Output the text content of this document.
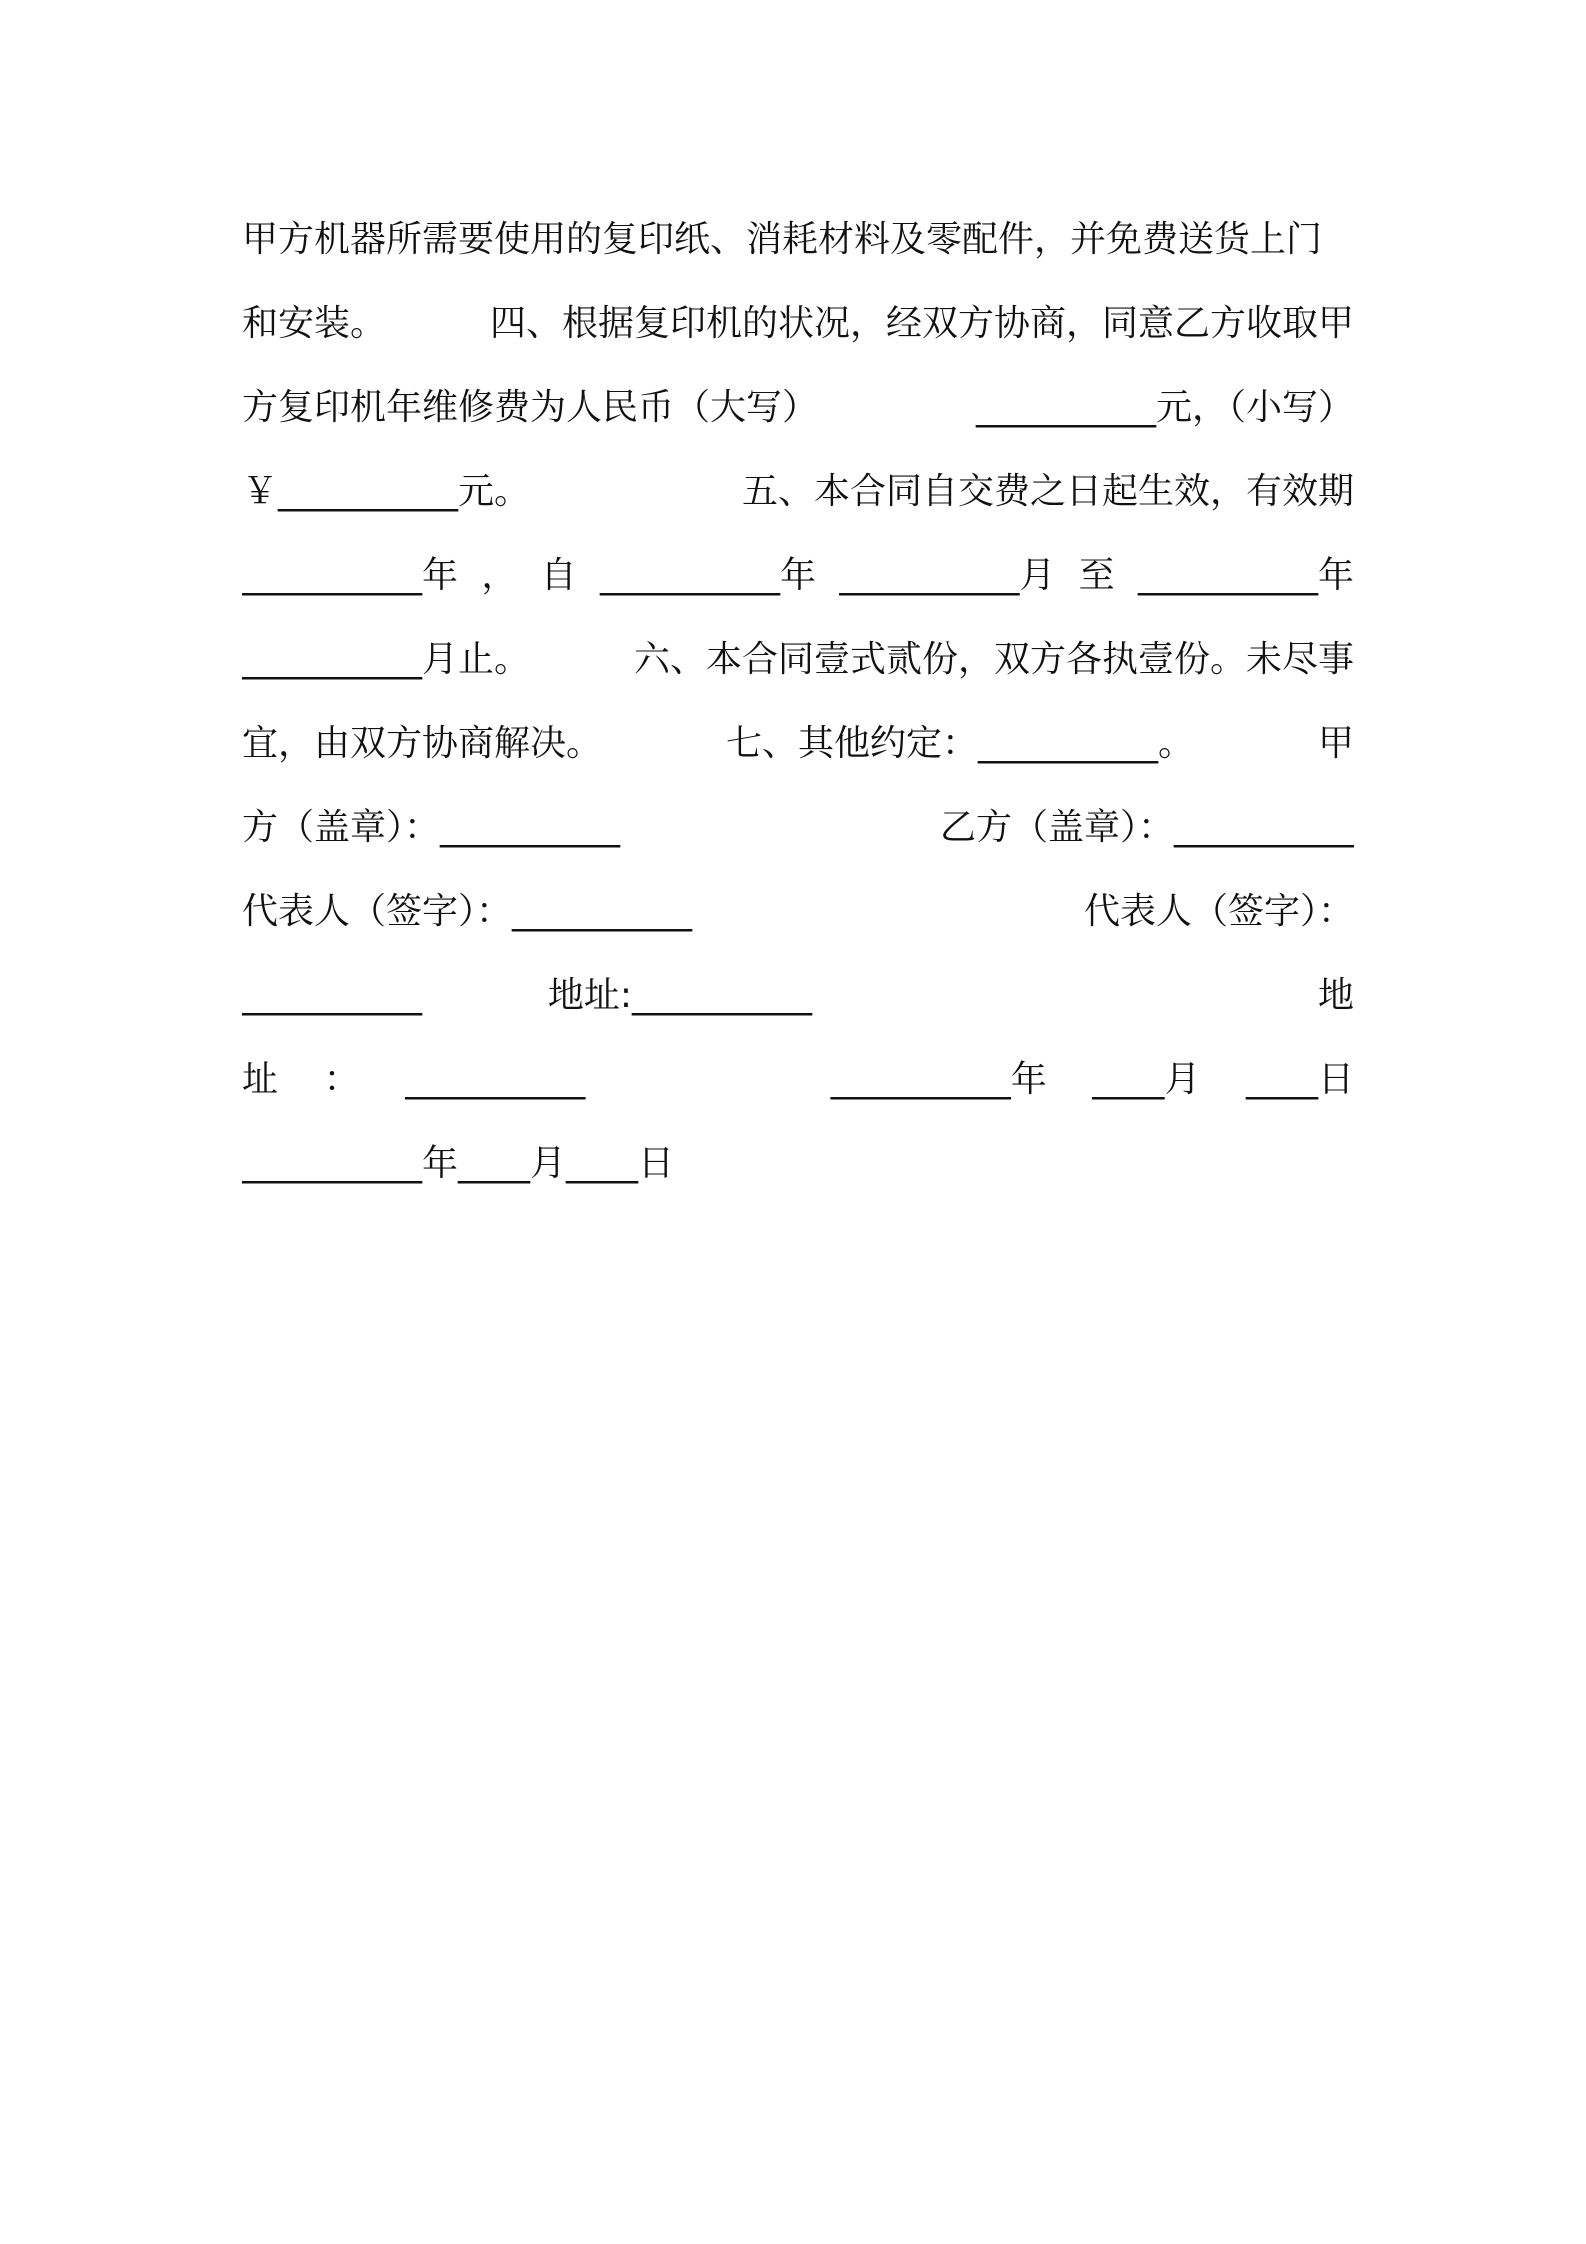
甲方机器所需要使用的复印纸、消耗材料及零配件，并免费送货上门
和安装。	四、根据复印机的状况，经双方协商，同意乙方收取甲
方复印机年维修费为人民币（大写）	__________元，（小写）
￥__________元。	五、本合同自交费之日起生效，有效期
__________年 ， 自 __________年 __________月 至 __________年
__________月止。	六、本合同壹式贰份，双方各执壹份。未尽事
宜，由双方协商解决。	七、其他约定：__________。	甲
方（盖章）：__________	乙方（盖章）：__________
代表人（签字）：__________	代表人（签字）：
__________	地址:__________	地
址 ： __________	__________年 ____月 ____日
__________年____月____日
